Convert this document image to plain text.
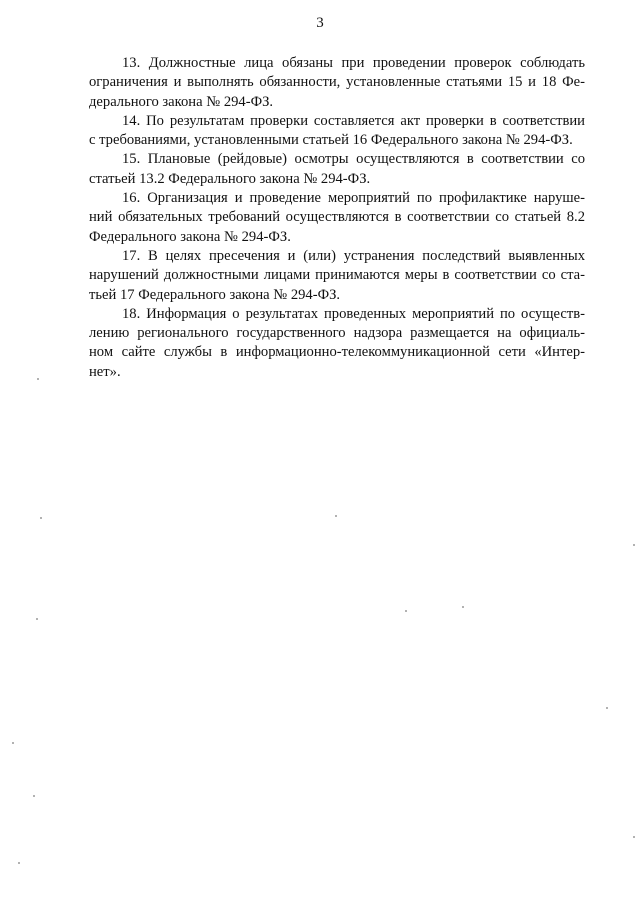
3
13. Должностные лица обязаны при проведении проверок соблюдать
ограничения и выполнять обязанности, установленные статьями 15 и 18 Фе-
дерального закона № 294-ФЗ.
14. По результатам проверки составляется акт проверки в соответствии
с требованиями, установленными статьей 16 Федерального закона № 294-ФЗ.
15. Плановые (рейдовые) осмотры осуществляются в соответствии со
статьей 13.2 Федерального закона № 294-ФЗ.
16. Организация и проведение мероприятий по профилактике наруше-
ний обязательных требований осуществляются в соответствии со статьей 8.2
Федерального закона № 294-ФЗ.
17. В целях пресечения и (или) устранения последствий выявленных
нарушений должностными лицами принимаются меры в соответствии со ста-
тьей 17 Федерального закона № 294-ФЗ.
18. Информация о результатах проведенных мероприятий по осуществ-
лению регионального государственного надзора размещается на официаль-
ном сайте службы в информационно-телекоммуникационной сети «Интер-
нет».
